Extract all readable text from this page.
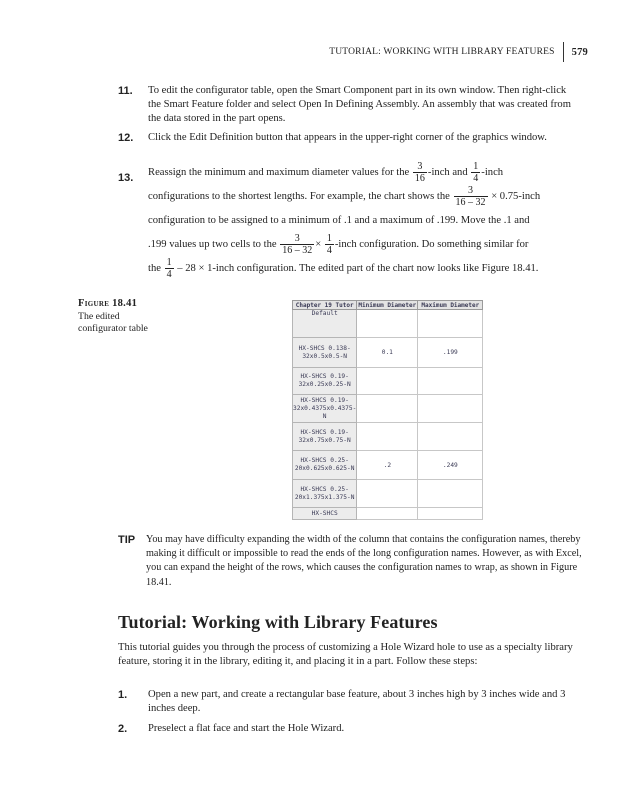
TUTORIAL: WORKING WITH LIBRARY FEATURES 579
11. To edit the configurator table, open the Smart Component part in its own window. Then right-click the Smart Feature folder and select Open In Defining Assembly. An assembly that was created from the data stored in the part opens.
12. Click the Edit Definition button that appears in the upper-right corner of the graphics window.
13. Reassign the minimum and maximum diameter values for the $\frac{3}{16}$ -inch and $\frac{1}{4}$ -inch
configurations to the shortest lengths. For example, the chart shows the $\frac{3}{16 - 32}$ × 0.75-inch
configuration to be assigned to a minimum of .1 and a maximum of .199. Move the .1 and
.199 values up two cells to the $\frac{3}{16 - 32} \times \frac{1}{4}$ -inch configuration. Do something similar for
the $\frac{1}{4} - 28$ × 1-inch configuration. The edited part of the chart now looks like Figure 18.41.
Figure 18.41
The edited configurator table
Chapter 19 Tutor	Minimum Diameter	Maximum Diameter
Default		
HX-SHCS 0.138-32x0.5x0.5-N	0.1	.199
HX-SHCS 0.19-32x0.25x0.25-N		
HX-SHCS 0.19-32x0.4375x0.4375-N		
HX-SHCS 0.19-32x0.75x0.75-N		
HX-SHCS 0.25-20x0.625x0.625-N	.2	.249
HX-SHCS 0.25-20x1.375x1.375-N		
HX-SHCS		
TIP You may have difficulty expanding the width of the column that contains the configuration names, thereby making it difficult or impossible to read the ends of the long configuration names. However, as with Excel, you can expand the height of the rows, which causes the configuration names to wrap, as shown in Figure 18.41.
Tutorial: Working with Library Features
This tutorial guides you through the process of customizing a Hole Wizard hole to use as a specialty library feature, storing it in the library, editing it, and placing it in a part. Follow these steps:
1. Open a new part, and create a rectangular base feature, about 3 inches high by 3 inches wide and 3 inches deep.
2. Preselect a flat face and start the Hole Wizard.
